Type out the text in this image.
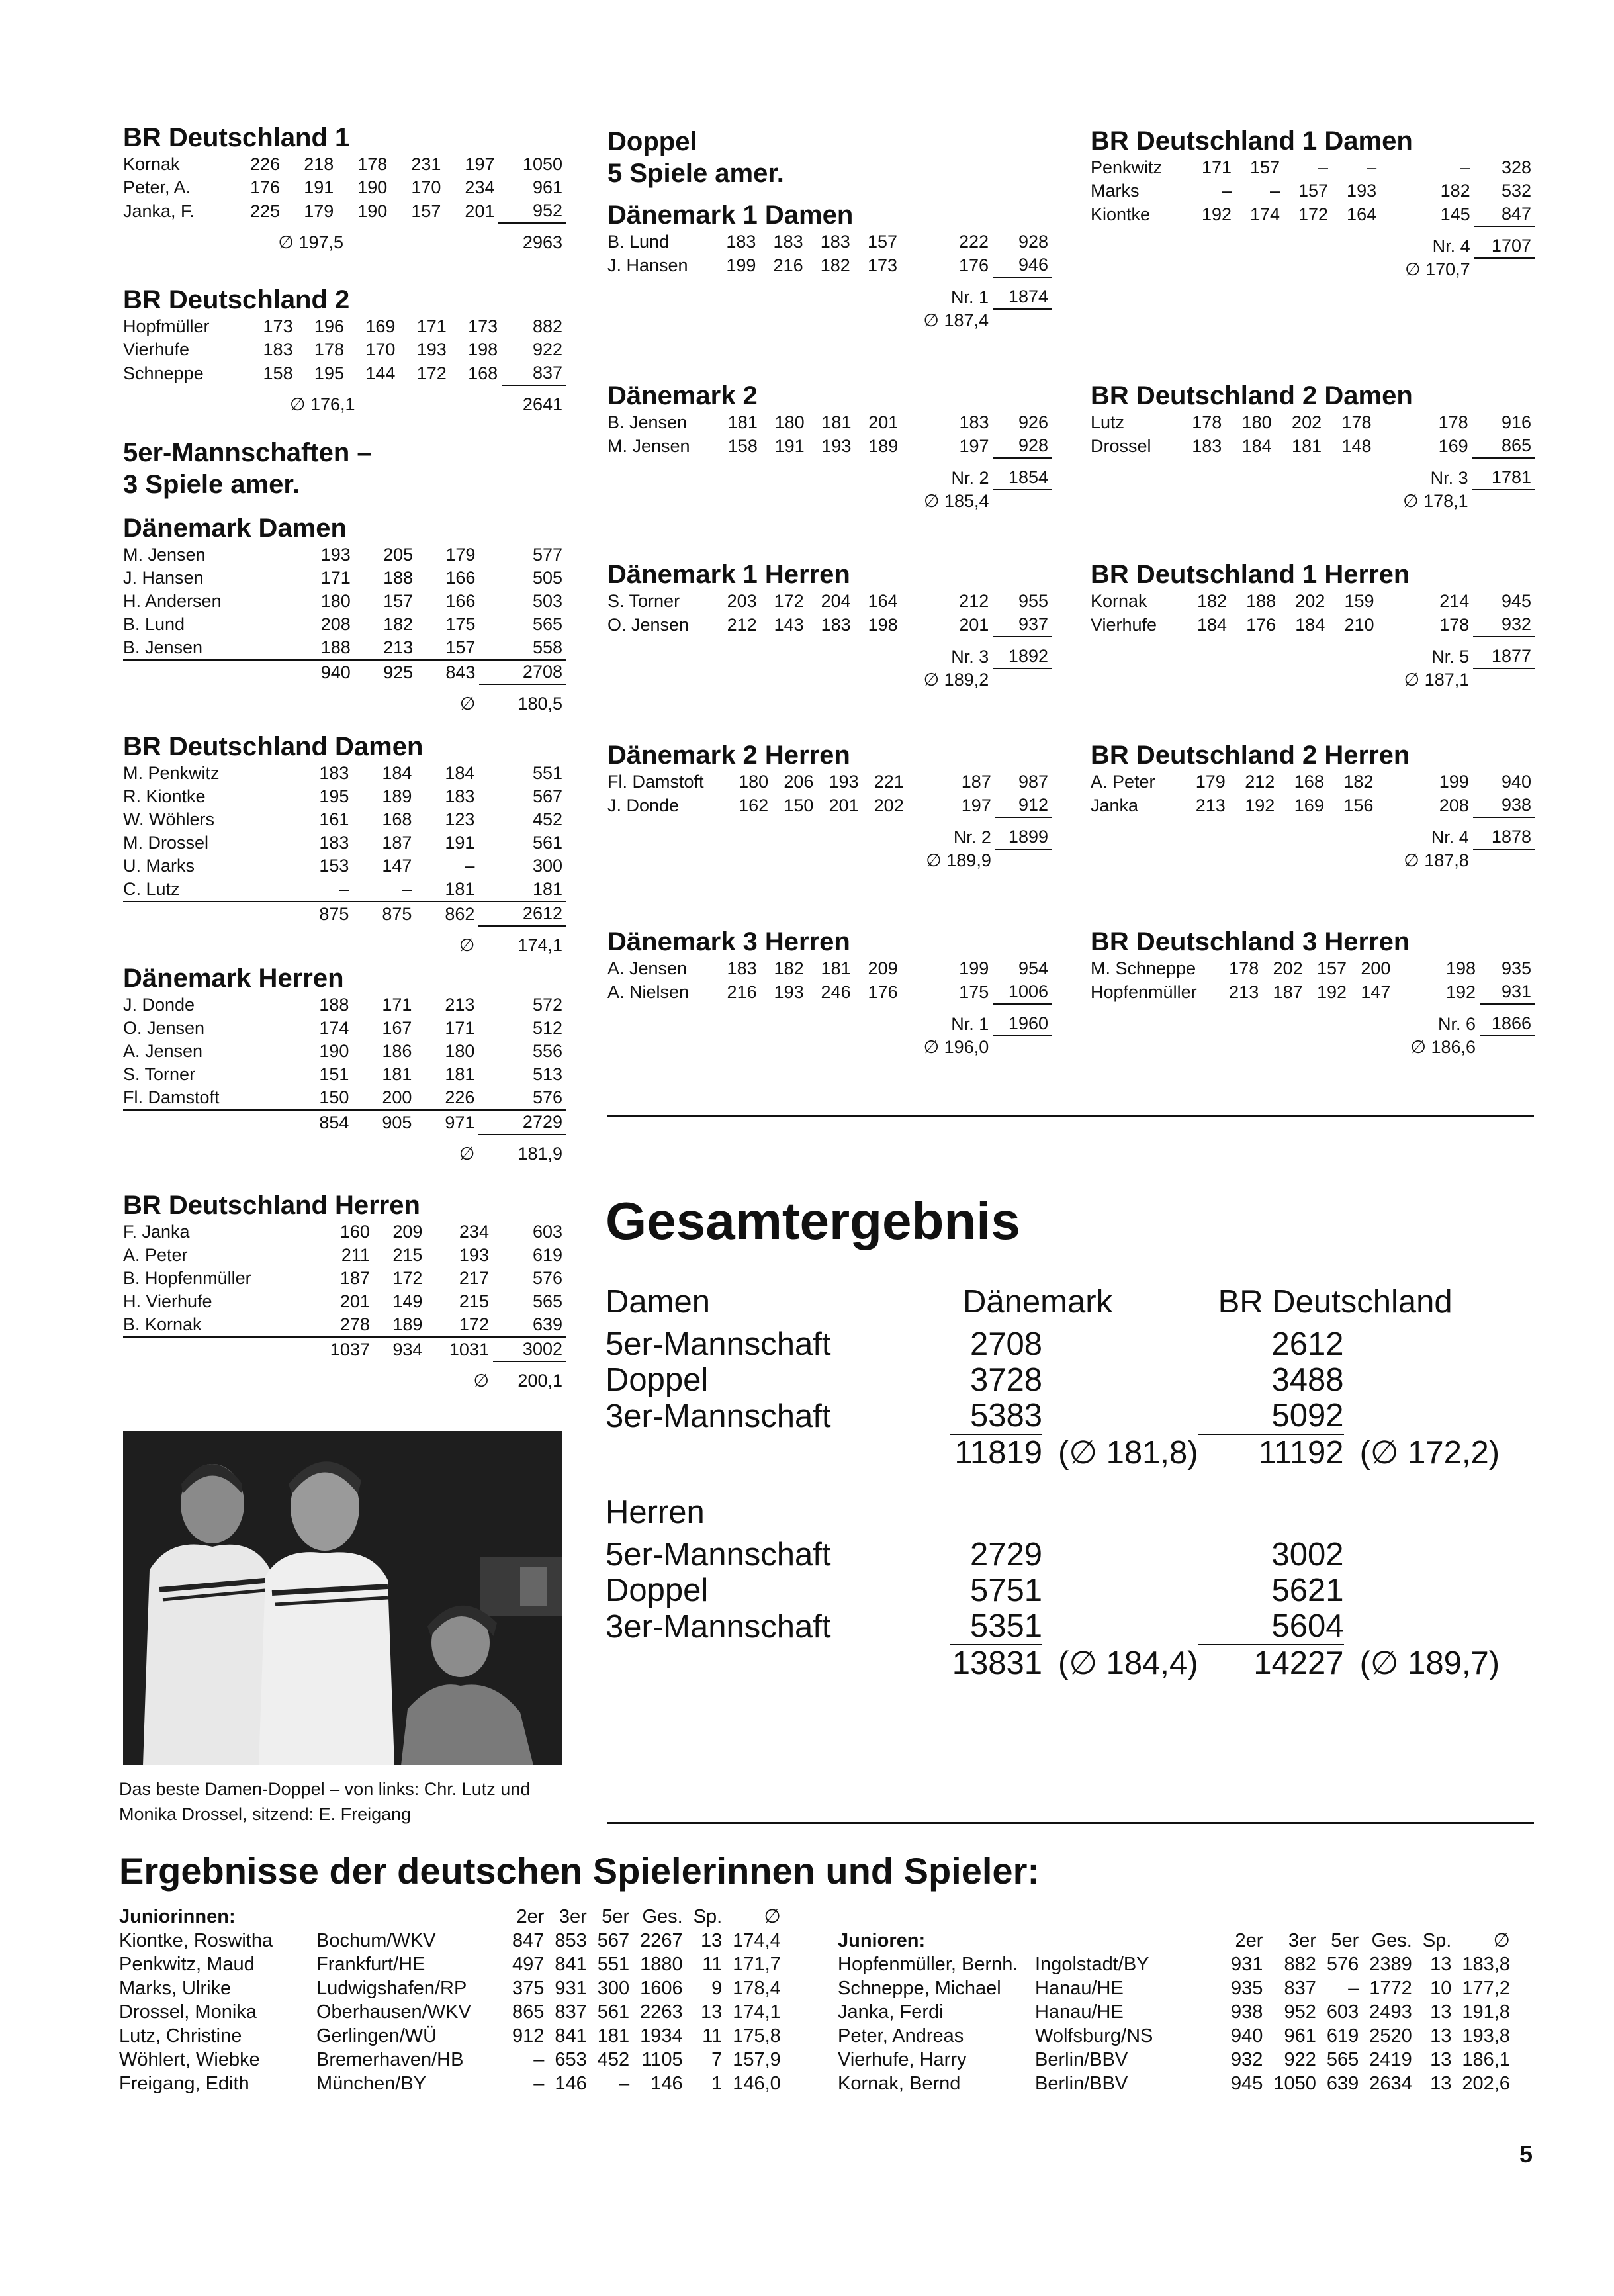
BR Deutschland 1
Kornak	226	218	178	231	197	1050
Peter, A.	176	191	190	170	234	961
Janka, F.	225	179	190	157	201	952

	∅ 197,5					2963
BR Deutschland 2
Hopfmüller	173	196	169	171	173	882
Vierhufe	183	178	170	193	198	922
Schneppe	158	195	144	172	168	837

	∅ 176,1					2641
5er-Mannschaften –
3 Spiele amer.
Dänemark Damen
M. Jensen	193	205	179	577
J. Hansen	171	188	166	505
H. Andersen	180	157	166	503
B. Lund	208	182	175	565
B. Jensen	188	213	157	558
	940	925	843	2708

			∅	180,5
BR Deutschland Damen
M. Penkwitz	183	184	184	551
R. Kiontke	195	189	183	567
W. Wöhlers	161	168	123	452
M. Drossel	183	187	191	561
U. Marks	153	147	–	300
C. Lutz	–	–	181	181
	875	875	862	2612

			∅	174,1
Dänemark Herren
J. Donde	188	171	213	572
O. Jensen	174	167	171	512
A. Jensen	190	186	180	556
S. Torner	151	181	181	513
Fl. Damstoft	150	200	226	576
	854	905	971	2729

			∅	181,9
BR Deutschland Herren
F. Janka	160	209	234	603
A. Peter	211	215	193	619
B. Hopfenmüller	187	172	217	576
H. Vierhufe	201	149	215	565
B. Kornak	278	189	172	639
	1037	934	1031	3002

			∅	200,1
Doppel
5 Spiele amer.
Dänemark 1 Damen
B. Lund	183	183	183	157	222	928
J. Hansen	199	216	182	173	176	946

				Nr. 1		1874
					∅ 187,4	
Dänemark 2
B. Jensen	181	180	181	201	183	926
M. Jensen	158	191	193	189	197	928

				Nr. 2		1854
					∅ 185,4	
Dänemark 1 Herren
S. Torner	203	172	204	164	212	955
O. Jensen	212	143	183	198	201	937

				Nr. 3		1892
					∅ 189,2	
Dänemark 2 Herren
Fl. Damstoft	180	206	193	221	187	987
J. Donde	162	150	201	202	197	912

				Nr. 2		1899
					∅ 189,9	
Dänemark 3 Herren
A. Jensen	183	182	181	209	199	954
A. Nielsen	216	193	246	176	175	1006

				Nr. 1		1960
					∅ 196,0	
BR Deutschland 1 Damen
Penkwitz	171	157	–	–	–	328
Marks	–	–	157	193	182	532
Kiontke	192	174	172	164	145	847

				Nr. 4		1707
					∅ 170,7	
BR Deutschland 2 Damen
Lutz	178	180	202	178	178	916
Drossel	183	184	181	148	169	865

				Nr. 3		1781
					∅ 178,1	
BR Deutschland 1 Herren
Kornak	182	188	202	159	214	945
Vierhufe	184	176	184	210	178	932

				Nr. 5		1877
					∅ 187,1	
BR Deutschland 2 Herren
A. Peter	179	212	168	182	199	940
Janka	213	192	169	156	208	938

				Nr. 4		1878
					∅ 187,8	
BR Deutschland 3 Herren
M. Schneppe	178	202	157	200	198	935
Hopfenmüller	213	187	192	147	192	931

				Nr. 6		1866
					∅ 186,6	
Gesamtergebnis
Damen	Dänemark		BR Deutschland	
5er-Mannschaft	2708		2612	
Doppel	3728		3488	
3er-Mannschaft	5383		5092	
	11819	(∅ 181,8)	11192	(∅ 172,2)

Herren				
5er-Mannschaft	2729		3002	
Doppel	5751		5621	
3er-Mannschaft	5351		5604	
	13831	(∅ 184,4)	14227	(∅ 189,7)

Das beste Damen-Doppel – von links: Chr. Lutz und Monika Drossel, sitzend: E. Freigang

Ergebnisse der deutschen Spielerinnen und Spieler:
Juniorinnen:		2er	3er	5er	Ges.	Sp.	∅
Kiontke, Roswitha	Bochum/WKV	847	853	567	2267	13	174,4
Penkwitz, Maud	Frankfurt/HE	497	841	551	1880	11	171,7
Marks, Ulrike	Ludwigshafen/RP	375	931	300	1606	9	178,4
Drossel, Monika	Oberhausen/WKV	865	837	561	2263	13	174,1
Lutz, Christine	Gerlingen/WÜ	912	841	181	1934	11	175,8
Wöhlert, Wiebke	Bremerhaven/HB	–	653	452	1105	7	157,9
Freigang, Edith	München/BY	–	146	–	146	1	146,0
Junioren:		2er	3er	5er	Ges.	Sp.	∅
Hopfenmüller, Bernh.	Ingolstadt/BY	931	882	576	2389	13	183,8
Schneppe, Michael	Hanau/HE	935	837	–	1772	10	177,2
Janka, Ferdi	Hanau/HE	938	952	603	2493	13	191,8
Peter, Andreas	Wolfsburg/NS	940	961	619	2520	13	193,8
Vierhufe, Harry	Berlin/BBV	932	922	565	2419	13	186,1
Kornak, Bernd	Berlin/BBV	945	1050	639	2634	13	202,6

5
